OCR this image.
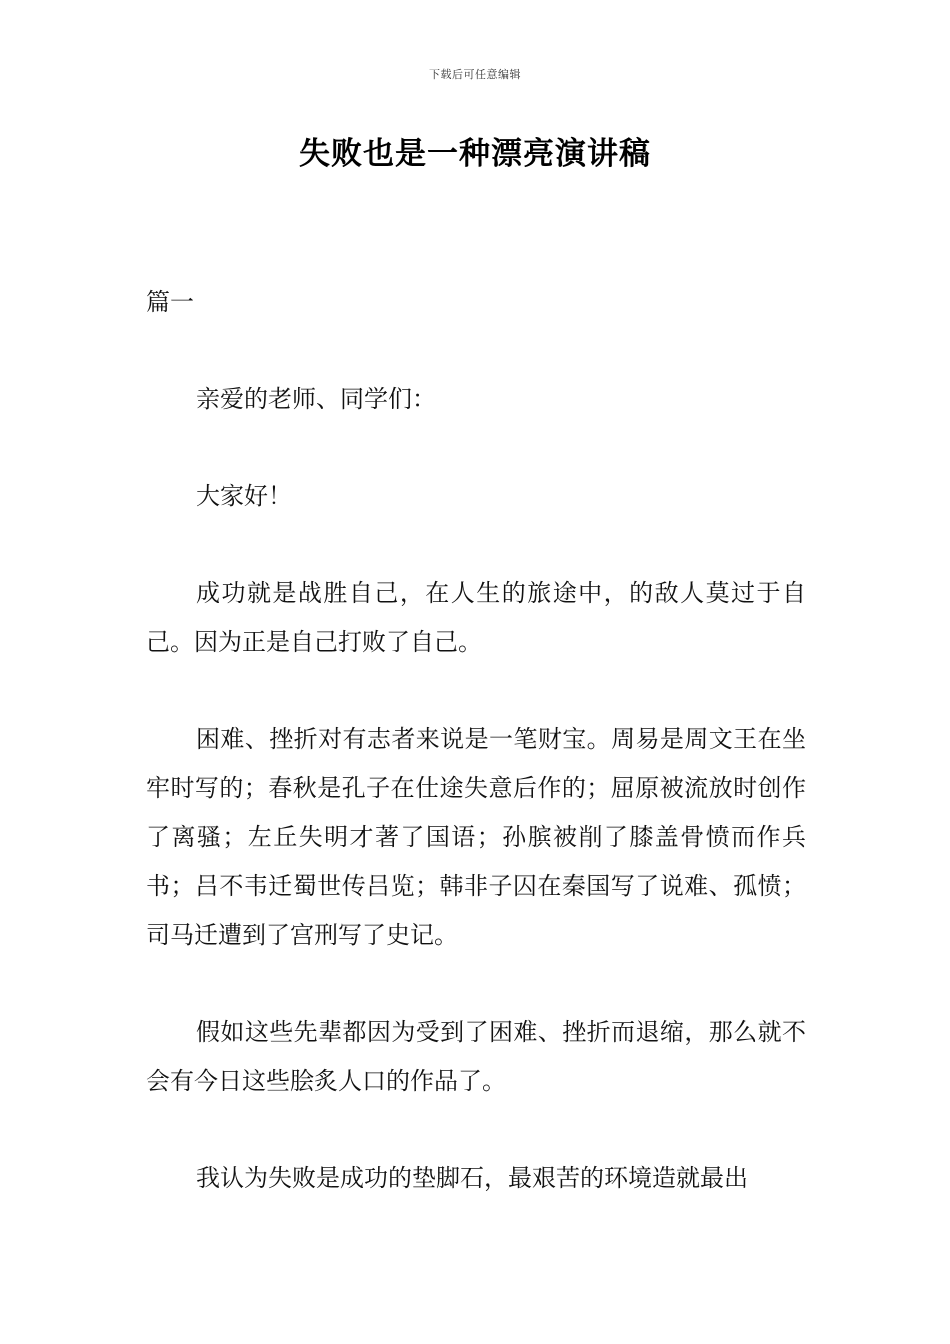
下载后可任意编辑
失败也是一种漂亮演讲稿
篇一

亲爱的老师、同学们：

大家好！

成功就是战胜自己，在人生的旅途中，的敌人莫过于自己。因为正是自己打败了自己。

困难、挫折对有志者来说是一笔财宝。周易是周文王在坐牢时写的；春秋是孔子在仕途失意后作的；屈原被流放时创作了离骚；左丘失明才著了国语；孙膑被削了膝盖骨愤而作兵书；吕不韦迁蜀世传吕览；韩非子囚在秦国写了说难、孤愤；司马迁遭到了宫刑写了史记。

假如这些先辈都因为受到了困难、挫折而退缩，那么就不会有今日这些脍炙人口的作品了。

我认为失败是成功的垫脚石，最艰苦的环境造就最出
